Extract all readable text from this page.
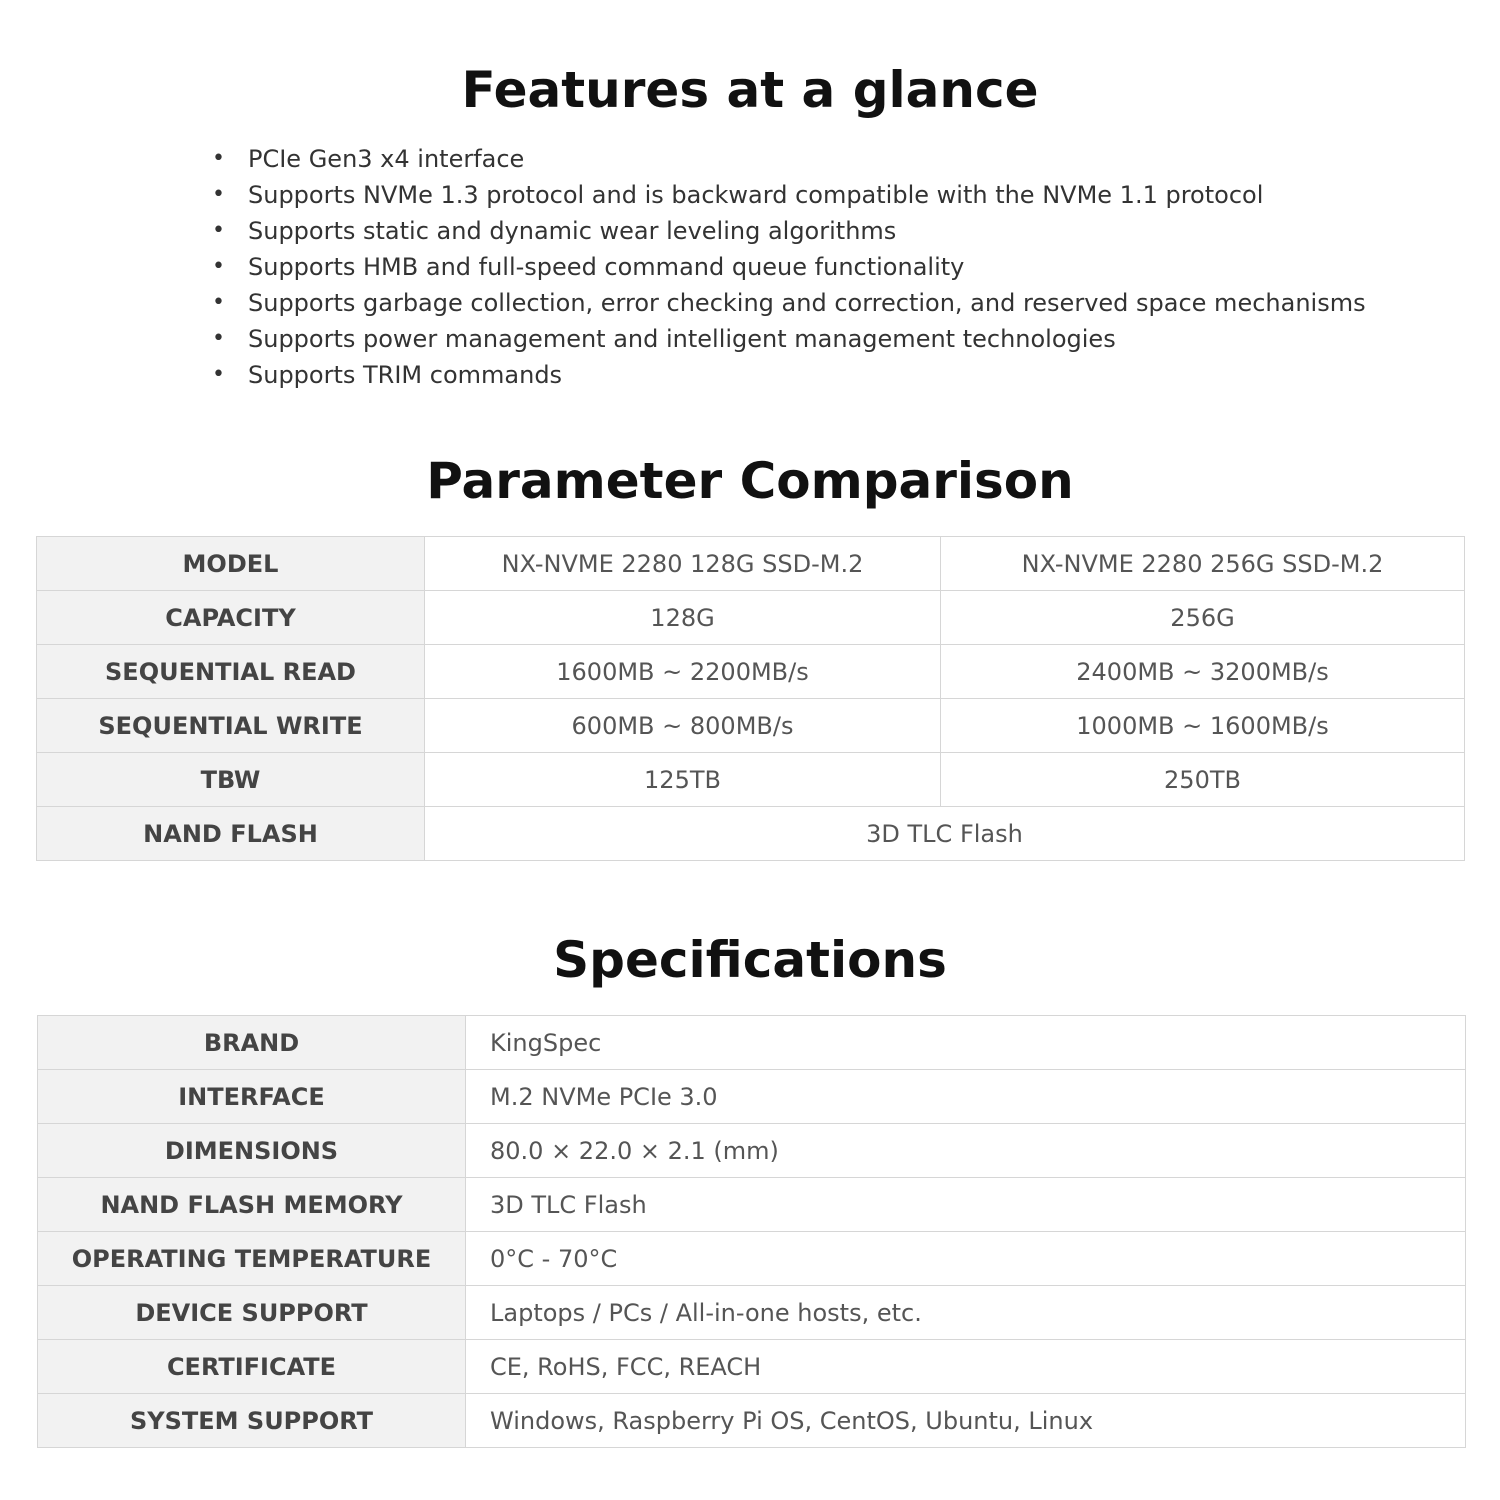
Features at a glance
• PCIe Gen3 x4 interface
• Supports NVMe 1.3 protocol and is backward compatible with the NVMe 1.1 protocol
• Supports static and dynamic wear leveling algorithms
• Supports HMB and full-speed command queue functionality
• Supports garbage collection, error checking and correction, and reserved space mechanisms
• Supports power management and intelligent management technologies
• Supports TRIM commands
Parameter Comparison
MODEL	NX-NVME 2280 128G SSD-M.2	NX-NVME 2280 256G SSD-M.2
CAPACITY	128G	256G
SEQUENTIAL READ	1600MB ~ 2200MB/s	2400MB ~ 3200MB/s
SEQUENTIAL WRITE	600MB ~ 800MB/s	1000MB ~ 1600MB/s
TBW	125TB	250TB
NAND FLASH	3D TLC Flash	
Specifications
BRAND	KingSpec
INTERFACE	M.2 NVMe PCIe 3.0
DIMENSIONS	80.0 × 22.0 × 2.1 (mm)
NAND FLASH MEMORY	3D TLC Flash
OPERATING TEMPERATURE	0°C - 70°C
DEVICE SUPPORT	Laptops / PCs / All-in-one hosts, etc.
CERTIFICATE	CE, RoHS, FCC, REACH
SYSTEM SUPPORT	Windows, Raspberry Pi OS, CentOS, Ubuntu, Linux
